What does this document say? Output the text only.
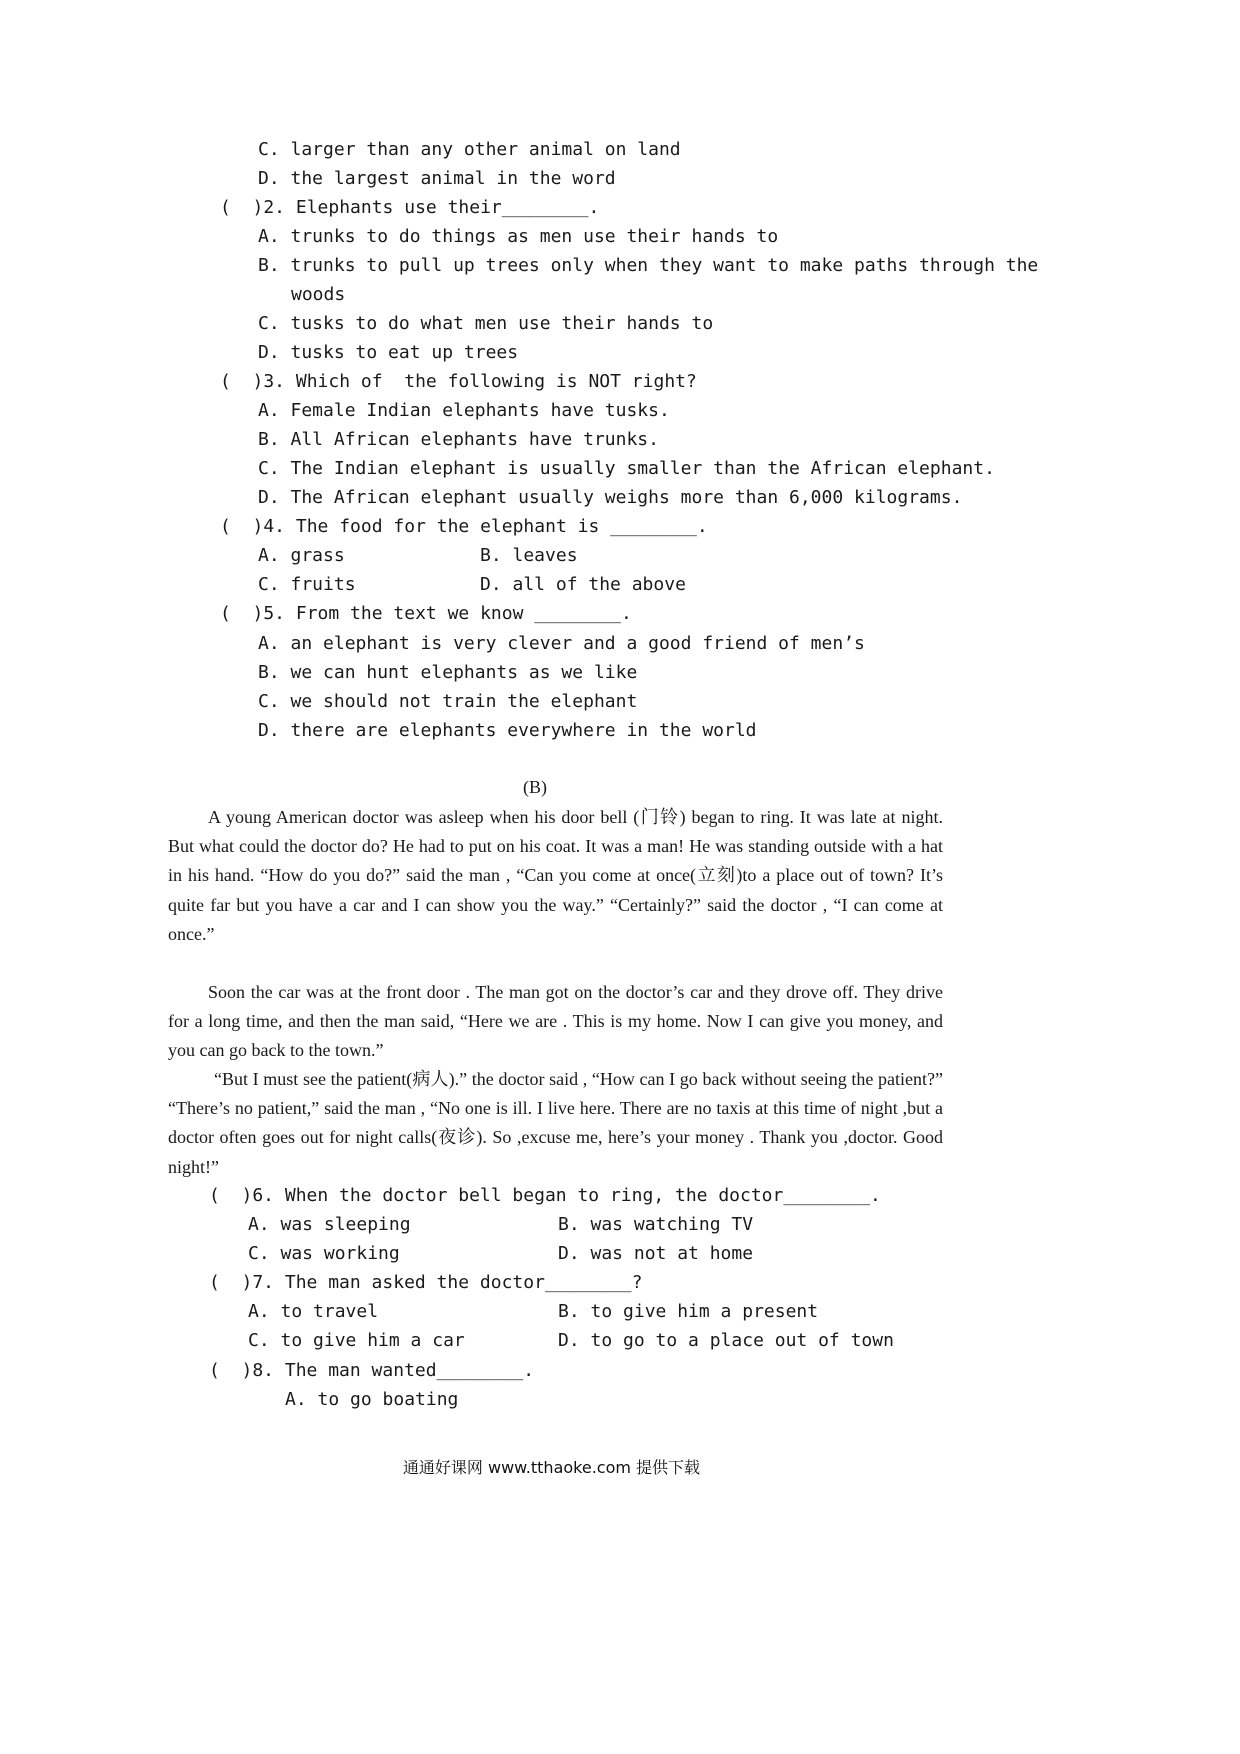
C. larger than any other animal on land
D. the largest animal in the word
(  )2. Elephants use their________.
A. trunks to do things as men use their hands to
B. trunks to pull up trees only when they want to make paths through the
woods
C. tusks to do what men use their hands to
D. tusks to eat up trees
(  )3. Which of  the following is NOT right?
A. Female Indian elephants have tusks.
B. All African elephants have trunks.
C. The Indian elephant is usually smaller than the African elephant.
D. The African elephant usually weighs more than 6,000 kilograms.
(  )4. The food for the elephant is ________.
A. grass	B. leaves
C. fruits	D. all of the above
(  )5. From the text we know ________.
A. an elephant is very clever and a good friend of men’s
B. we can hunt elephants as we like
C. we should not train the elephant
D. there are elephants everywhere in the world
(B)
A young American doctor was asleep when his door bell (门铃) began to ring. It was late at night. But what could the doctor do? He had to put on his coat. It was a man! He was standing outside with a hat in his hand. “How do you do?” said the man , “Can you come at once(立刻)to a place out of town? It’s quite far but you have a car and I can show you the way.” “Certainly?” said the doctor , “I can come at once.”
Soon the car was at the front door . The man got on the doctor’s car and they drove off. They drive for a long time, and then the man said, “Here we are . This is my home. Now I can give you money, and you can go back to the town.”
“But I must see the patient(病人).” the doctor said , “How can I go back without seeing the patient?” “There’s no patient,” said the man , “No one is ill. I live here. There are no taxis at this time of night ,but a doctor often goes out for night calls(夜诊). So ,excuse me, here’s your money . Thank you ,doctor. Good night!”
(  )6. When the doctor bell began to ring, the doctor________.
A. was sleeping	B. was watching TV
C. was working	D. was not at home
(  )7. The man asked the doctor________?
A. to travel	B. to give him a present
C. to give him a car	D. to go to a place out of town
(  )8. The man wanted________.
A. to go boating
通通好课网 www.tthaoke.com 提供下载
